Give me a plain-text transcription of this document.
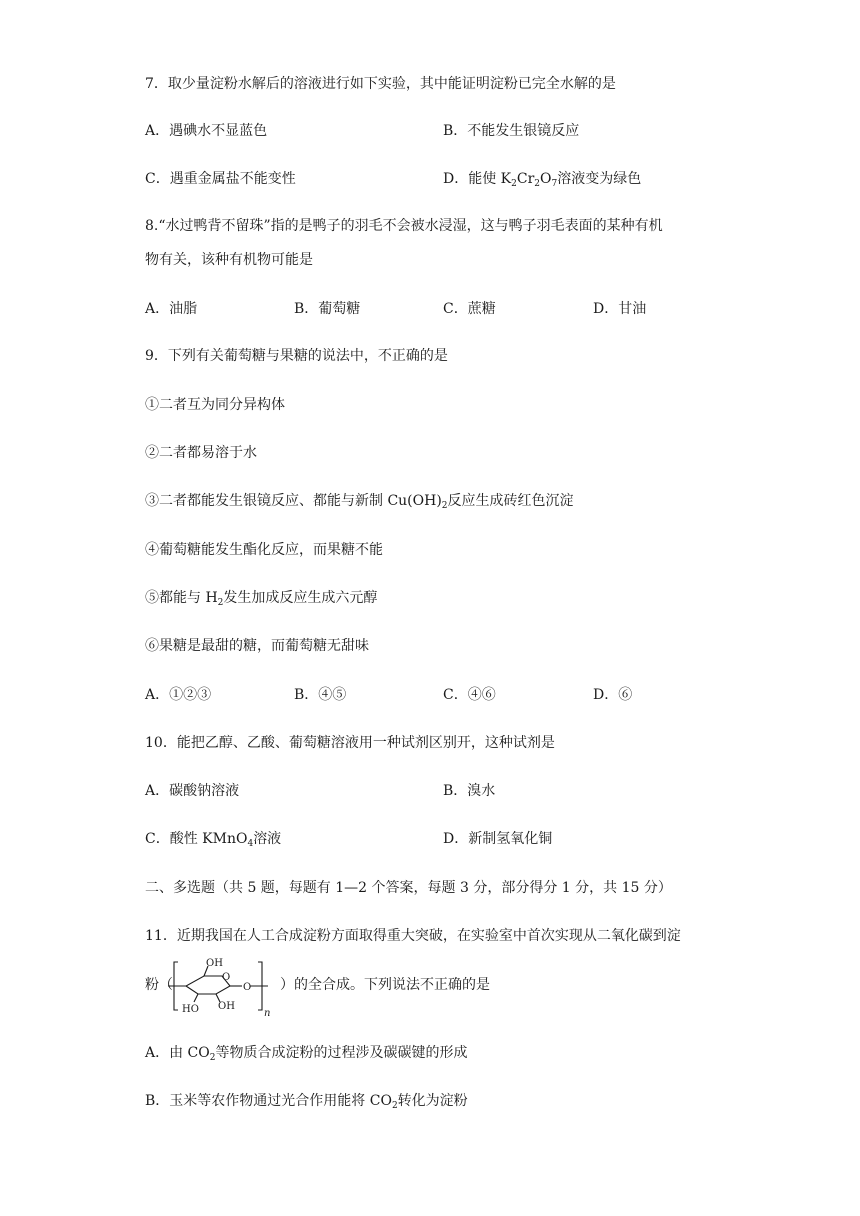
7．取少量淀粉水解后的溶液进行如下实验，其中能证明淀粉已完全水解的是
A．遇碘水不显蓝色	B．不能发生银镜反应
C．遇重金属盐不能变性	D．能使 $K_2Cr_2O_7$溶液变为绿色
8.“水过鸭背不留珠”指的是鸭子的羽毛不会被水浸湿，这与鸭子羽毛表面的某种有机
物有关，该种有机物可能是
A．油脂	B．葡萄糖	C．蔗糖	D．甘油
9．下列有关葡萄糖与果糖的说法中，不正确的是
①二者互为同分异构体
②二者都易溶于水
③二者都能发生银镜反应、都能与新制 $Cu(OH)_2$反应生成砖红色沉淀
④葡萄糖能发生酯化反应，而果糖不能
⑤都能与 $H_2$发生加成反应生成六元醇
⑥果糖是最甜的糖，而葡萄糖无甜味
A．①②③	B．④⑤	C．④⑥	D．⑥
10．能把乙醇、乙酸、葡萄糖溶液用一种试剂区别开，这种试剂是
A．碳酸钠溶液	B．溴水
C．酸性 KMnO$_4$溶液	D．新制氢氧化铜
二、多选题（共 5 题，每题有 1—2 个答案，每题 3 分，部分得分 1 分，共 15 分）
11．近期我国在人工合成淀粉方面取得重大突破，在实验室中首次实现从二氧化碳到淀
粉（	）的全合成。下列说法不正确的是
OH
O
HO OH
O
n
A．由 $CO_2$等物质合成淀粉的过程涉及碳碳键的形成
B．玉米等农作物通过光合作用能将 $CO_2$转化为淀粉
